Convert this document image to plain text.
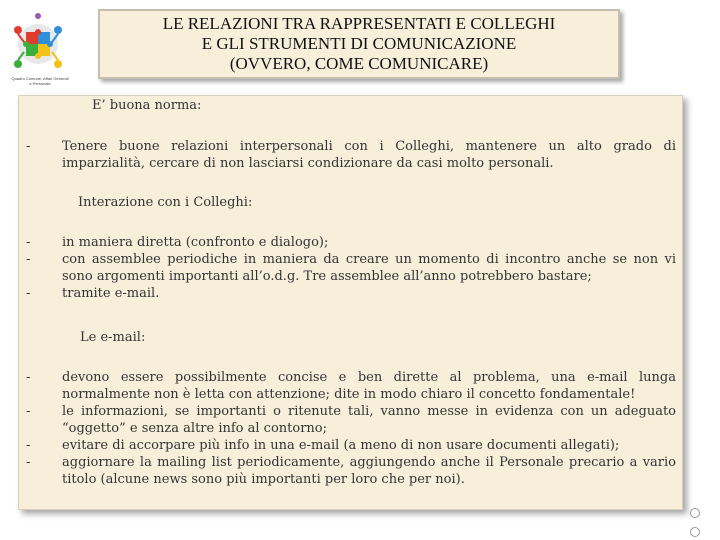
Quadro Comune, Affari Generali e Personale
LE RELAZIONI TRA RAPPRESENTATI E COLLEGHI
E GLI STRUMENTI DI COMUNICAZIONE
(OVVERO, COME COMUNICARE)
E’ buona norma:
- Tenere buone relazioni interpersonali con i Colleghi, mantenere un alto grado di imparzialità, cercare di non lasciarsi condizionare da casi molto personali.
Interazione con i Colleghi:
- in maniera diretta (confronto e dialogo);
- con assemblee periodiche in maniera da creare un momento di incontro anche se non vi sono argomenti importanti all’o.d.g. Tre assemblee all’anno potrebbero bastare;
- tramite e-mail.
Le e-mail:
- devono essere possibilmente concise e ben dirette al problema, una e-mail lunga normalmente non è letta con attenzione; dite in modo chiaro il concetto fondamentale!
- le informazioni, se importanti o ritenute tali, vanno messe in evidenza con un adeguato “oggetto” e senza altre info al contorno;
- evitare di accorpare più info in una e-mail (a meno di non usare documenti allegati);
- aggiornare la mailing list periodicamente, aggiungendo anche il Personale precario a vario titolo (alcune news sono più importanti per loro che per noi).
